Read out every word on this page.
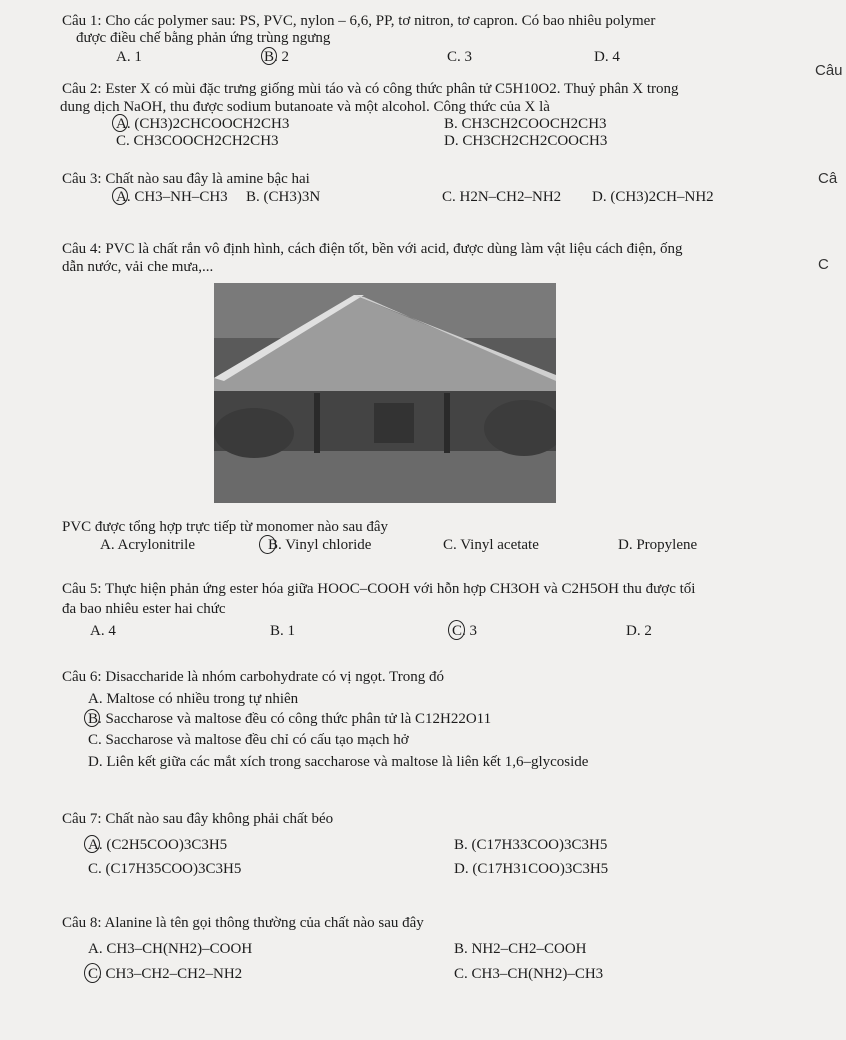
Câu 1: Cho các polymer sau: PS, PVC, nylon – 6,6, PP, tơ nitron, tơ capron. Có bao nhiêu polymer
được điều chế bằng phản ứng trùng ngưng
A. 1	B. 2	C. 3	D. 4
Câu
Câu 2: Ester X có mùi đặc trưng giống mùi táo và có công thức phân tử C5H10O2. Thuỷ phân X trong
dung dịch NaOH, thu được sodium butanoate và một alcohol. Công thức của X là
A. (CH3)2CHCOOCH2CH3	B. CH3CH2COOCH2CH3
C. CH3COOCH2CH2CH3	D. CH3CH2CH2COOCH3
Câu 3: Chất nào sau đây là amine bậc hai	Câ
A. CH3–NH–CH3 B. (CH3)3N	C. H2N–CH2–NH2 D. (CH3)2CH–NH2
Câu 4: PVC là chất rắn vô định hình, cách điện tốt, bền với acid, được dùng làm vật liệu cách điện, ống
dẫn nước, vải che mưa,...	C
PVC được tổng hợp trực tiếp từ monomer nào sau đây
A. Acrylonitrile	B. Vinyl chloride	C. Vinyl acetate	D. Propylene
Câu 5: Thực hiện phản ứng ester hóa giữa HOOC–COOH với hỗn hợp CH3OH và C2H5OH thu được tối
đa bao nhiêu ester hai chức
A. 4	B. 1	C. 3	D. 2
Câu 6: Disaccharide là nhóm carbohydrate có vị ngọt. Trong đó
A. Maltose có nhiều trong tự nhiên
B. Saccharose và maltose đều có công thức phân tử là C12H22O11
C. Saccharose và maltose đều chỉ có cấu tạo mạch hở
D. Liên kết giữa các mắt xích trong saccharose và maltose là liên kết 1,6–glycoside
Câu 7: Chất nào sau đây không phải chất béo
A. (C2H5COO)3C3H5	B. (C17H33COO)3C3H5
C. (C17H35COO)3C3H5	D. (C17H31COO)3C3H5
Câu 8: Alanine là tên gọi thông thường của chất nào sau đây
A. CH3–CH(NH2)–COOH	B. NH2–CH2–COOH
C. CH3–CH2–CH2–NH2	C. CH3–CH(NH2)–CH3
